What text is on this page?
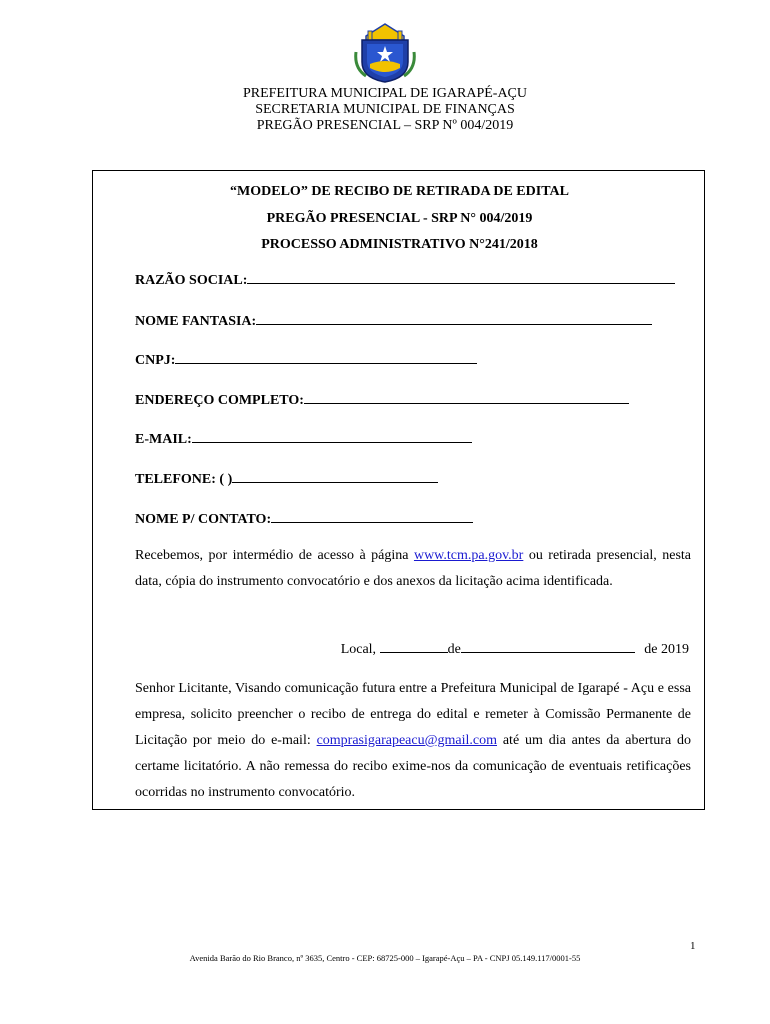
PREFEITURA MUNICIPAL DE IGARAPÉ-AÇU
SECRETARIA MUNICIPAL DE FINANÇAS
PREGÃO PRESENCIAL – SRP Nº 004/2019
“MODELO” DE RECIBO DE RETIRADA DE EDITAL
PREGÃO PRESENCIAL - SRP N° 004/2019
PROCESSO ADMINISTRATIVO N°241/2018
RAZÃO SOCIAL:
NOME FANTASIA:
CNPJ:
ENDEREÇO COMPLETO:
E-MAIL:
TELEFONE: ( )
NOME P/ CONTATO:
Recebemos, por intermédio de acesso à página www.tcm.pa.gov.br ou retirada presencial, nesta data, cópia do instrumento convocatório e dos anexos da licitação acima identificada.
Local,	de	de 2019
Senhor Licitante, Visando comunicação futura entre a Prefeitura Municipal de Igarapé - Açu e essa empresa, solicito preencher o recibo de entrega do edital e remeter à Comissão Permanente de Licitação por meio do e-mail: comprasigarapeacu@gmail.com até um dia antes da abertura do certame licitatório. A não remessa do recibo exime-nos da comunicação de eventuais retificações ocorridas no instrumento convocatório.
1
Avenida Barão do Rio Branco, nº 3635, Centro - CEP: 68725-000 – Igarapé-Açu – PA - CNPJ 05.149.117/0001-55
